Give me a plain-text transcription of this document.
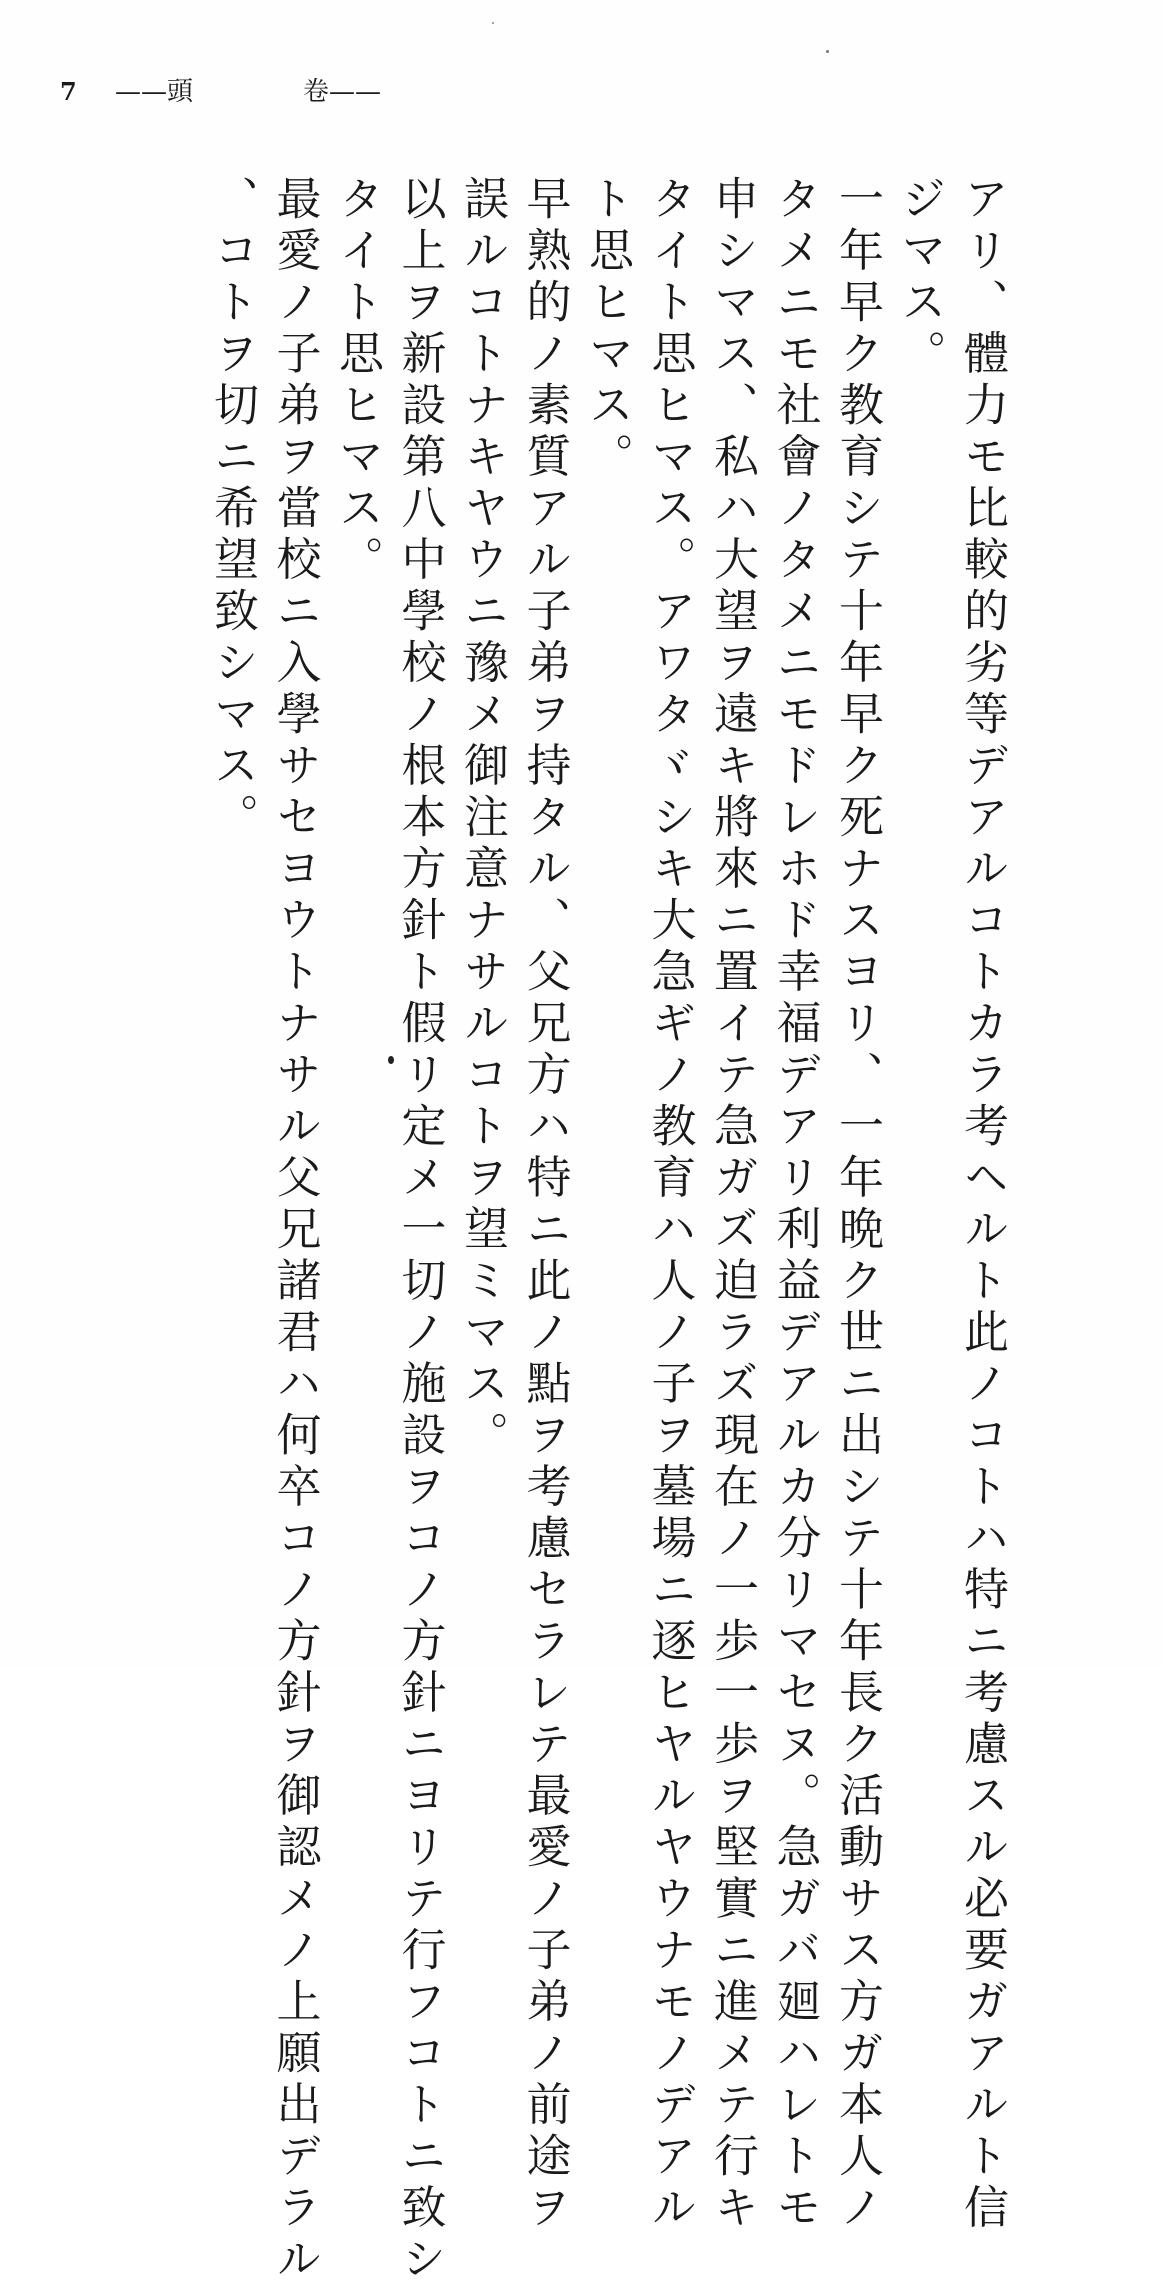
7 ——頭	卷——
アリ、體力モ比較的劣等デアルコトカラ考ヘルト此ノコトハ特ニ考慮スル必要ガアルト信
ジマス。
一年早ク教育シテ十年早ク死ナスヨリ、一年晩ク世ニ出シテ十年長ク活動サス方ガ本人ノ
タメニモ社會ノタメニモドレホド幸福デアリ利益デアルカ分リマセヌ。急ガバ廻ハレトモ
申シマス、私ハ大望ヲ遠キ將來ニ置イテ急ガズ迫ラズ現在ノ一歩一歩ヲ堅實ニ進メテ行キ
タイト思ヒマス。アワタヾシキ大急ギノ教育ハ人ノ子ヲ墓場ニ逐ヒヤルヤウナモノデアル
ト思ヒマス。
早熟的ノ素質アル子弟ヲ持タル、父兄方ハ特ニ此ノ點ヲ考慮セラレテ最愛ノ子弟ノ前途ヲ
誤ルコトナキヤウニ豫メ御注意ナサルコトヲ望ミマス。
以上ヲ新設第八中學校ノ根本方針ト假リ定メ一切ノ施設ヲコノ方針ニヨリテ行フコトニ致シ
タイト思ヒマス。
最愛ノ子弟ヲ當校ニ入學サセヨウトナサル父兄諸君ハ何卒コノ方針ヲ御認メノ上願出デラル
、コトヲ切ニ希望致シマス。
